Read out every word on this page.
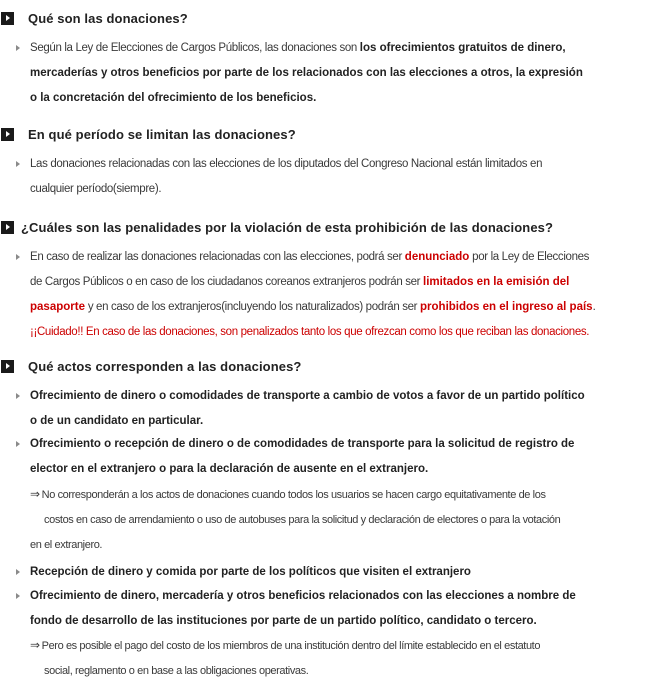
Qué son las donaciones?
Según la Ley de Elecciones de Cargos Públicos, las donaciones son los ofrecimientos gratuitos de dinero,
mercaderías y otros beneficios por parte de los relacionados con las elecciones a otros, la expresión
o la concretación del ofrecimiento de los beneficios.
En qué período se limitan las donaciones?
Las donaciones relacionadas con las elecciones de los diputados del Congreso Nacional están limitados en
cualquier período(siempre).
¿Cuáles son las penalidades por la violación de esta prohibición de las donaciones?
En caso de realizar las donaciones relacionadas con las elecciones, podrá ser denunciado por la Ley de Elecciones
de Cargos Públicos o en caso de los ciudadanos coreanos extranjeros podrán ser limitados en la emisión del
pasaporte y en caso de los extranjeros(incluyendo los naturalizados) podrán ser prohibidos en el ingreso al país.
¡¡Cuidado!! En caso de las donaciones, son penalizados tanto los que ofrezcan como los que reciban las donaciones.
Qué actos corresponden a las donaciones?
Ofrecimiento de dinero o comodidades de transporte a cambio de votos a favor de un partido político
o de un candidato en particular.
Ofrecimiento o recepción de dinero o de comodidades de transporte para la solicitud de registro de
elector en el extranjero o para la declaración de ausente en el extranjero.
⇒ No corresponderán a los actos de donaciones cuando todos los usuarios se hacen cargo equitativamente de los
costos en caso de arrendamiento o uso de autobuses para la solicitud y declaración de electores o para la votación
en el extranjero.
Recepción de dinero y comida por parte de los políticos que visiten el extranjero
Ofrecimiento de dinero, mercadería y otros beneficios relacionados con las elecciones a nombre de
fondo de desarrollo de las instituciones por parte de un partido político, candidato o tercero.
⇒ Pero es posible el pago del costo de los miembros de una institución dentro del límite establecido en el estatuto
social, reglamento o en base a las obligaciones operativas.
